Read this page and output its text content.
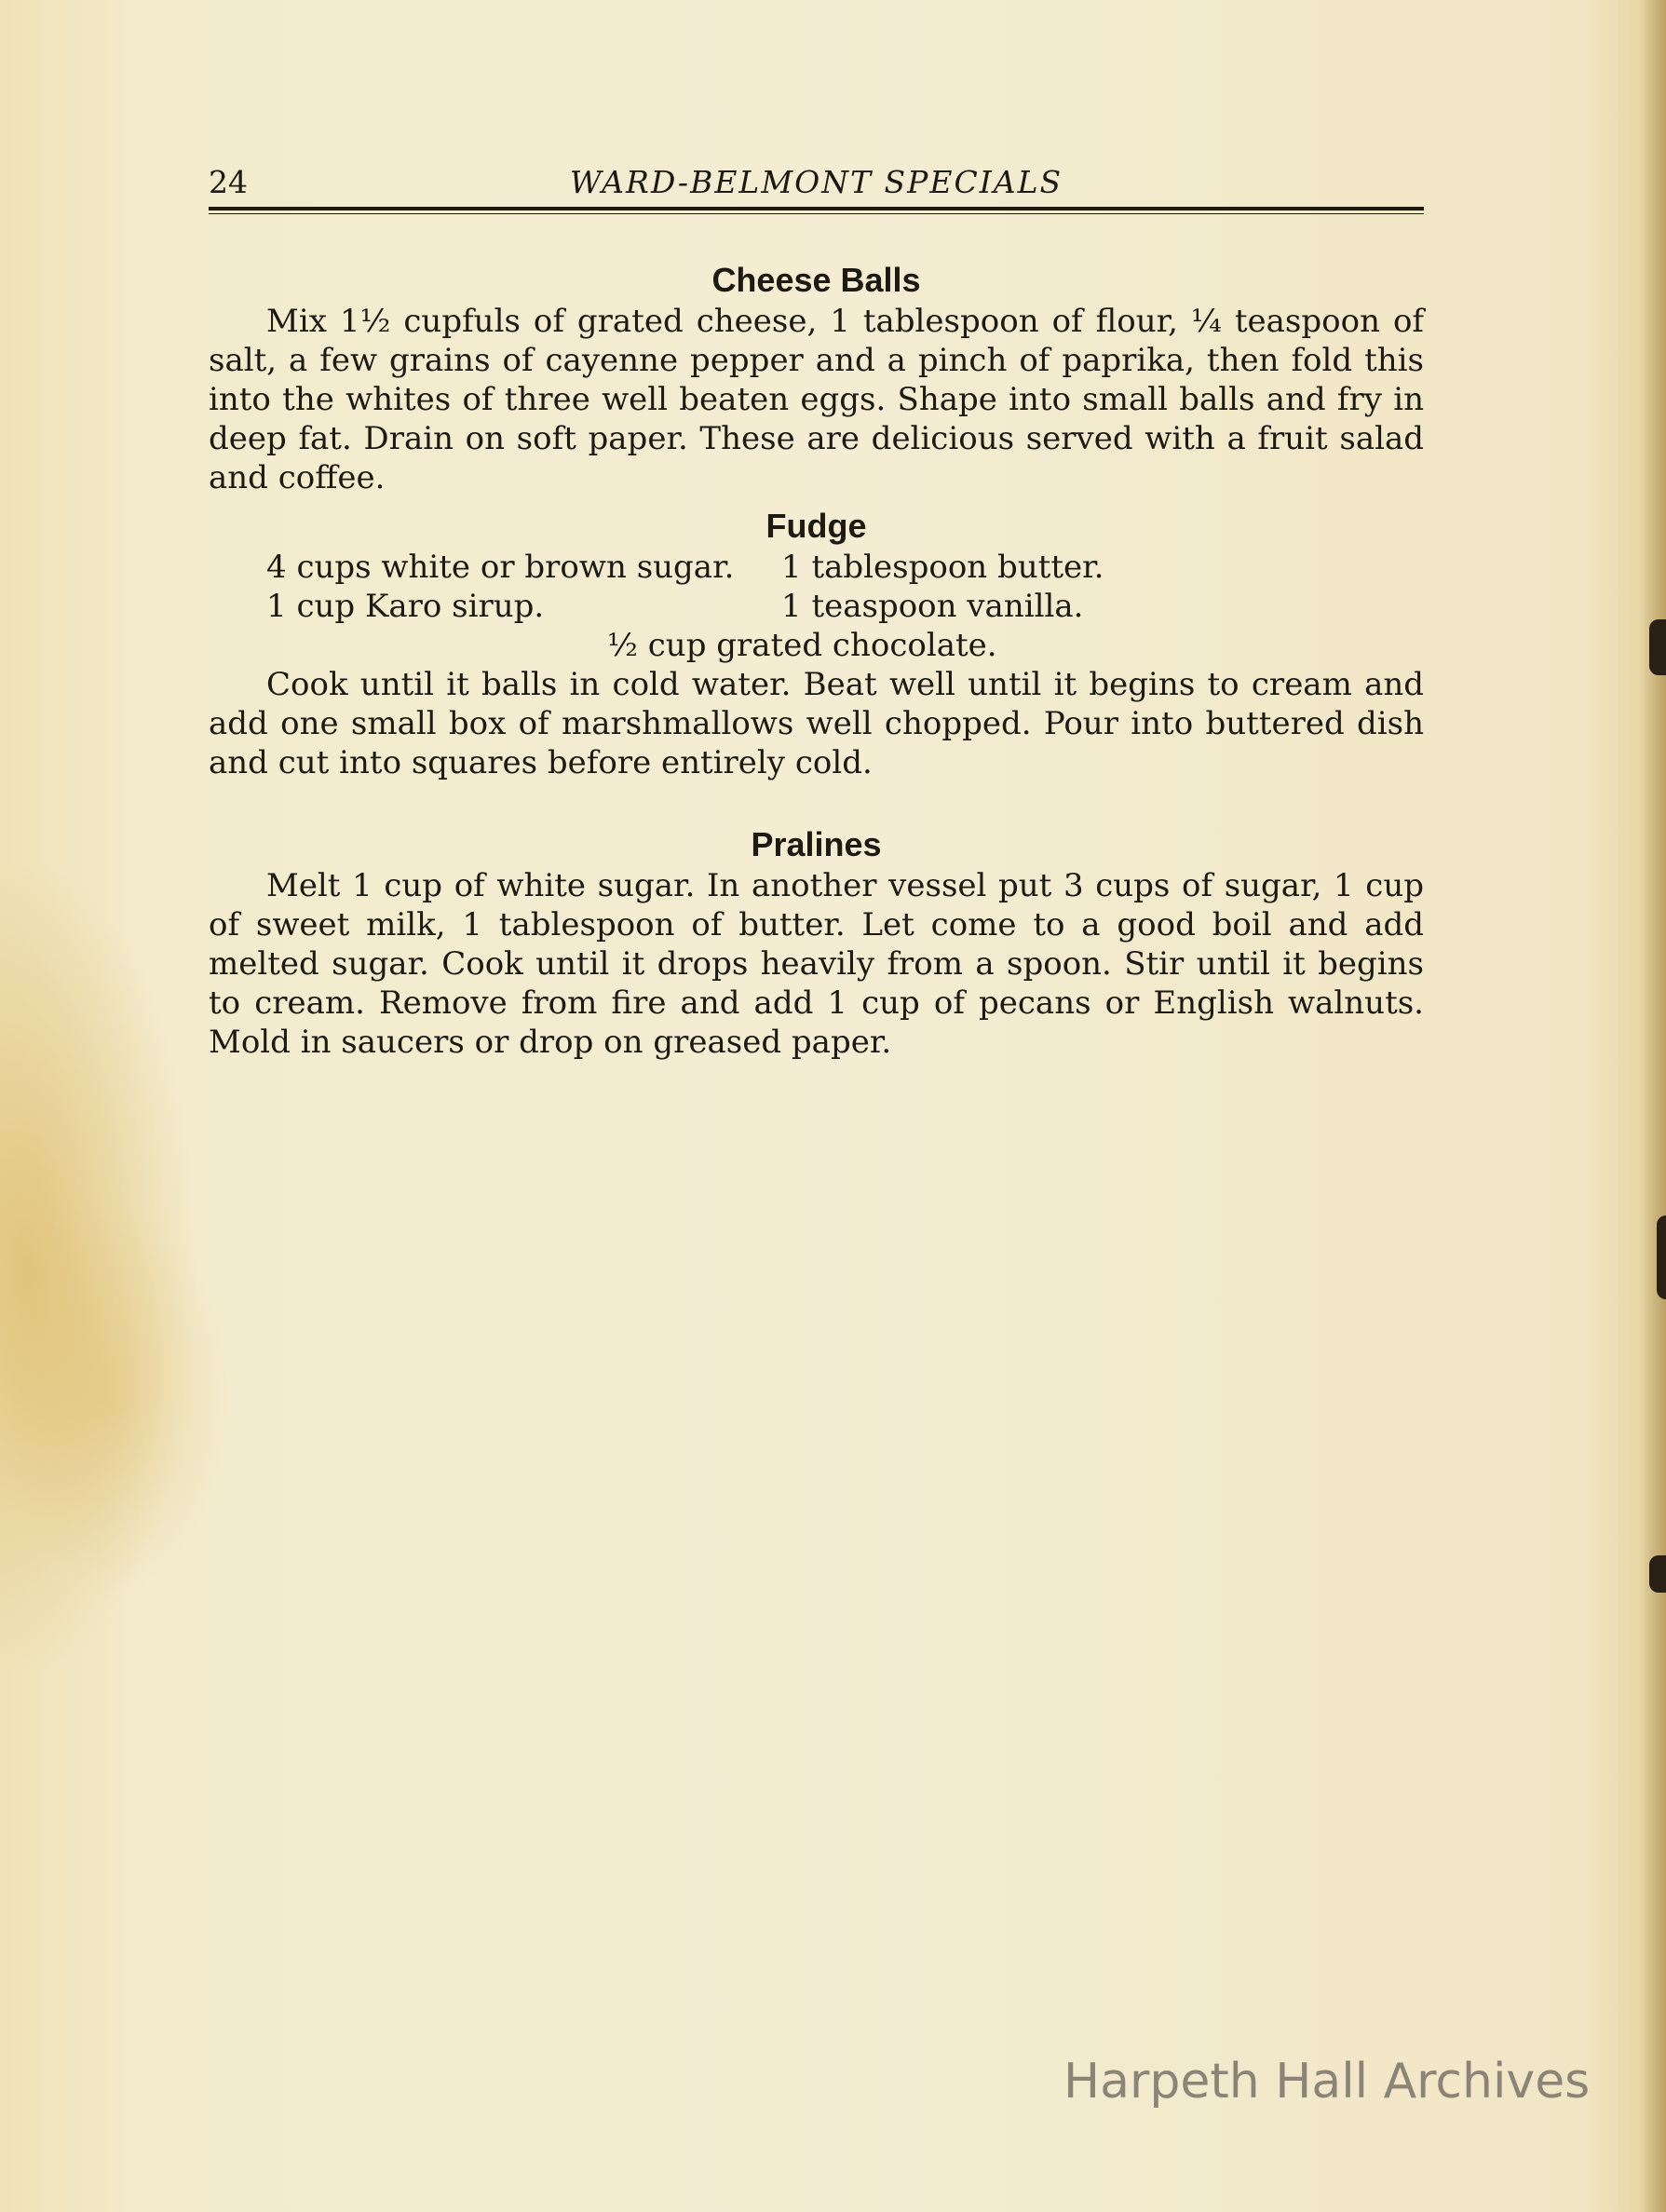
24	WARD-BELMONT SPECIALS
Cheese Balls

Mix 1½ cupfuls of grated cheese, 1 tablespoon of flour, ¼ teaspoon of salt, a few grains of cayenne pepper and a pinch of paprika, then fold this into the whites of three well beaten eggs. Shape into small balls and fry in deep fat. Drain on soft paper. These are delicious served with a fruit salad and coffee.

Fudge
4 cups white or brown sugar.	1 tablespoon butter.
1 cup Karo sirup.	1 teaspoon vanilla.
½ cup grated chocolate.

Cook until it balls in cold water. Beat well until it begins to cream and add one small box of marshmallows well chopped. Pour into buttered dish and cut into squares before entirely cold.

Pralines

Melt 1 cup of white sugar. In another vessel put 3 cups of sugar, 1 cup of sweet milk, 1 tablespoon of butter. Let come to a good boil and add melted sugar. Cook until it drops heavily from a spoon. Stir until it begins to cream. Remove from fire and add 1 cup of pecans or English walnuts. Mold in saucers or drop on greased paper.

Harpeth Hall Archives
